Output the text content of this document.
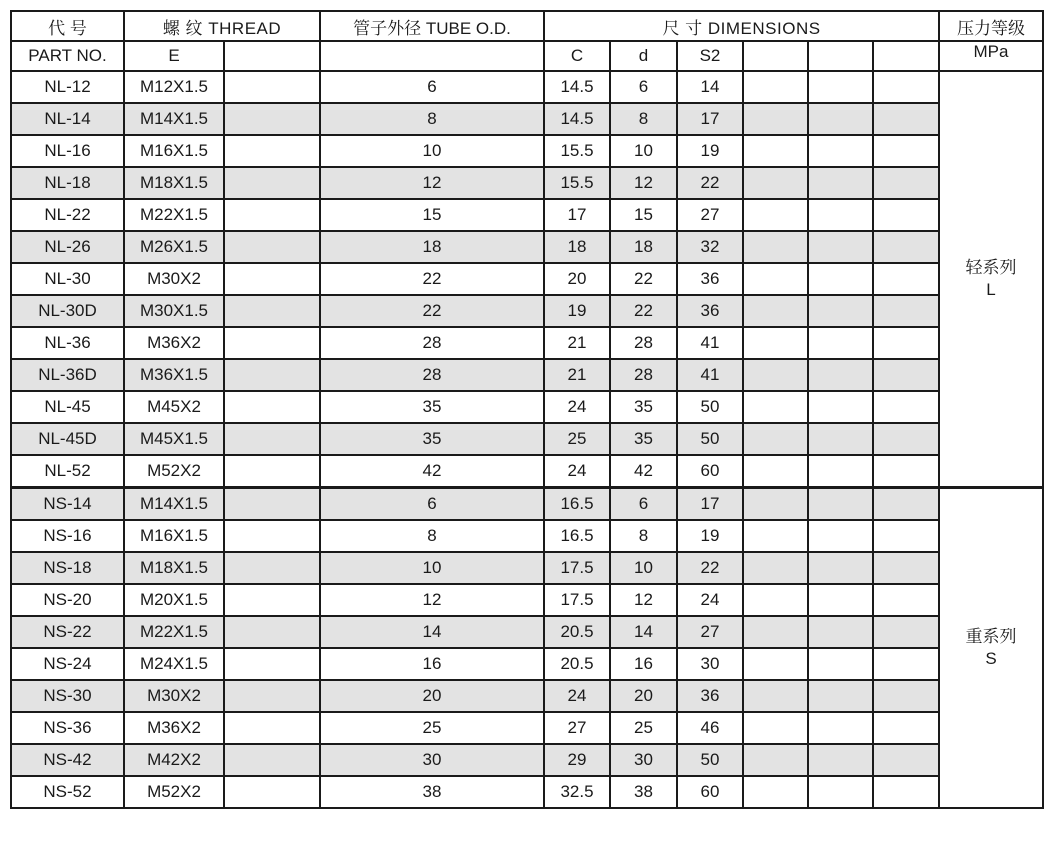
代 号	螺 纹 THREAD		管子外径 TUBE O.D.	尺 寸 DIMENSIONS						压力等级
PART NO.	E			C	d	S2				MPa
NL-12	M12X1.5		6	14.5	6	14				轻系列
L

NL-14	M14X1.5		8	14.5	8	17				
NL-16	M16X1.5		10	15.5	10	19				
NL-18	M18X1.5		12	15.5	12	22				
NL-22	M22X1.5		15	17	15	27				
NL-26	M26X1.5		18	18	18	32				
NL-30	M30X2		22	20	22	36				
NL-30D	M30X1.5		22	19	22	36				
NL-36	M36X2		28	21	28	41				
NL-36D	M36X1.5		28	21	28	41				
NL-45	M45X2		35	24	35	50				
NL-45D	M45X1.5		35	25	35	50				
NL-52	M52X2		42	24	42	60				
NS-14	M14X1.5		6	16.5	6	17				重系列
S

NS-16	M16X1.5		8	16.5	8	19				
NS-18	M18X1.5		10	17.5	10	22				
NS-20	M20X1.5		12	17.5	12	24				
NS-22	M22X1.5		14	20.5	14	27				
NS-24	M24X1.5		16	20.5	16	30				
NS-30	M30X2		20	24	20	36				
NS-36	M36X2		25	27	25	46				
NS-42	M42X2		30	29	30	50				
NS-52	M52X2		38	32.5	38	60				
